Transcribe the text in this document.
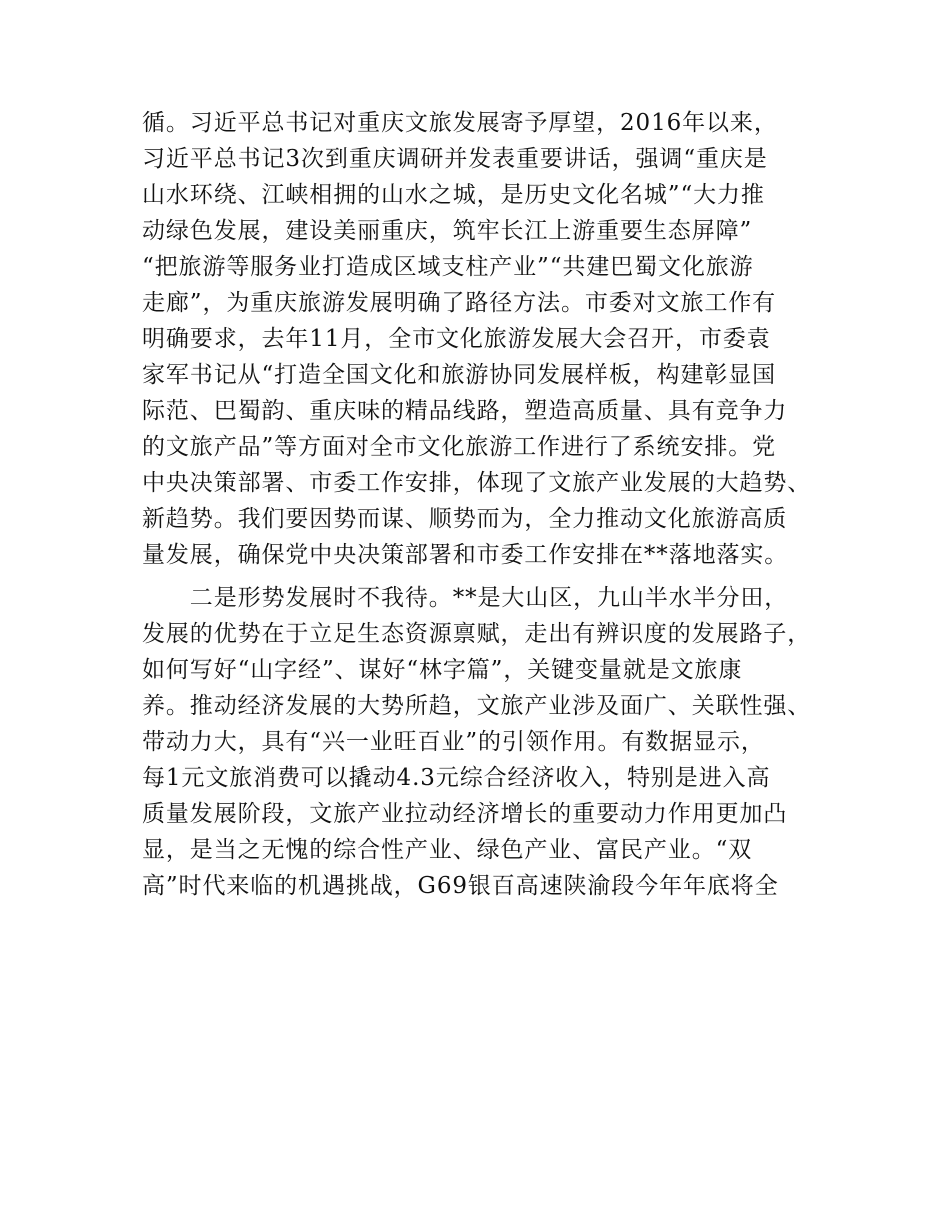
循。习近平总书记对重庆文旅发展寄予厚望，2016年以来，
习近平总书记3次到重庆调研并发表重要讲话，强调“重庆是
山水环绕、江峡相拥的山水之城，是历史文化名城”“大力推
动绿色发展，建设美丽重庆，筑牢长江上游重要生态屏障”
“把旅游等服务业打造成区域支柱产业”“共建巴蜀文化旅游
走廊”，为重庆旅游发展明确了路径方法。市委对文旅工作有
明确要求，去年11月，全市文化旅游发展大会召开，市委袁
家军书记从“打造全国文化和旅游协同发展样板，构建彰显国
际范、巴蜀韵、重庆味的精品线路，塑造高质量、具有竞争力
的文旅产品”等方面对全市文化旅游工作进行了系统安排。党
中央决策部署、市委工作安排，体现了文旅产业发展的大趋势、
新趋势。我们要因势而谋、顺势而为，全力推动文化旅游高质
量发展，确保党中央决策部署和市委工作安排在**落地落实。
　　二是形势发展时不我待。**是大山区，九山半水半分田，
发展的优势在于立足生态资源禀赋，走出有辨识度的发展路子，
如何写好“山字经”、谋好“林字篇”，关键变量就是文旅康
养。推动经济发展的大势所趋，文旅产业涉及面广、关联性强、
带动力大，具有“兴一业旺百业”的引领作用。有数据显示，
每1元文旅消费可以撬动4.3元综合经济收入，特别是进入高
质量发展阶段，文旅产业拉动经济增长的重要动力作用更加凸
显，是当之无愧的综合性产业、绿色产业、富民产业。“双
高”时代来临的机遇挑战，G69银百高速陕渝段今年年底将全
